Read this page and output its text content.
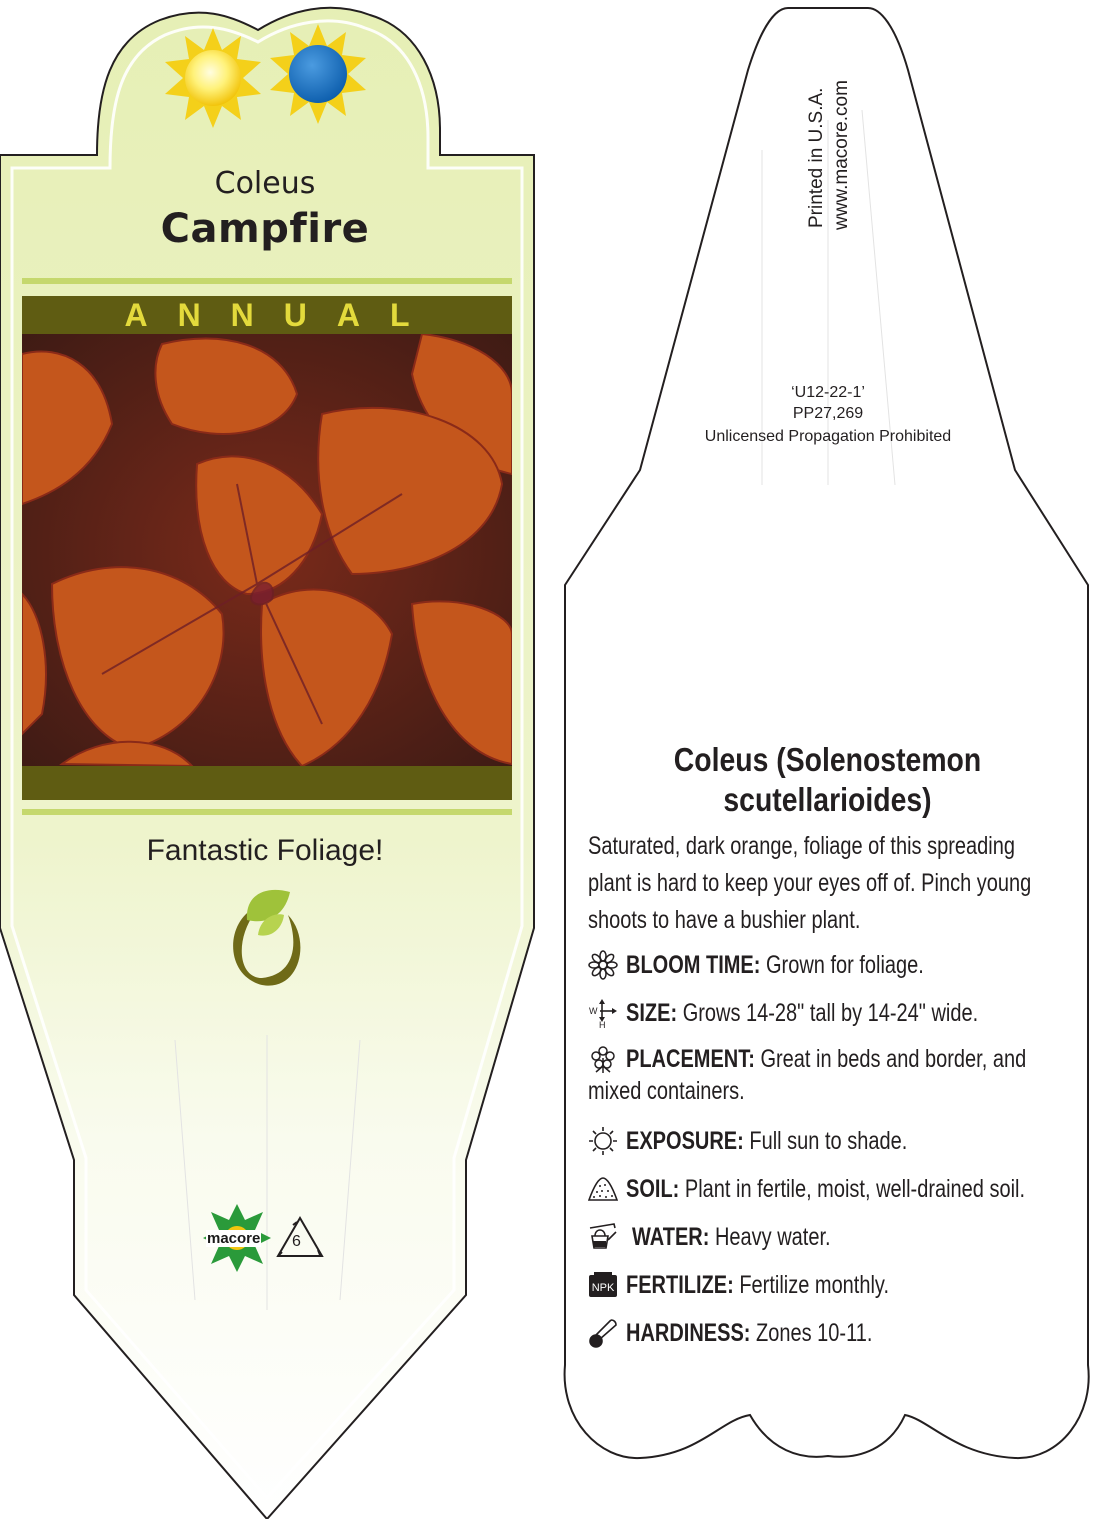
Coleus
Campfire
ANNUAL
Fantastic Foliage!
macore 6
Printed in U.S.A. www.macore.com
‘U12-22-1’
PP27,269
Unlicensed Propagation Prohibited
Coleus (Solenostemon scutellarioides)
Saturated, dark orange, foliage of this spreading
plant is hard to keep your eyes off of. Pinch young
shoots to have a bushier plant.
BLOOM TIME: Grown for foliage.
W
H SIZE: Grows 14-28" tall by 14-24" wide.
PLACEMENT: Great in beds and border, and
mixed containers.
EXPOSURE: Full sun to shade.
SOIL: Plant in fertile, moist, well-drained soil.
WATER: Heavy water.
NPK FERTILIZE: Fertilize monthly.
HARDINESS: Zones 10-11.
